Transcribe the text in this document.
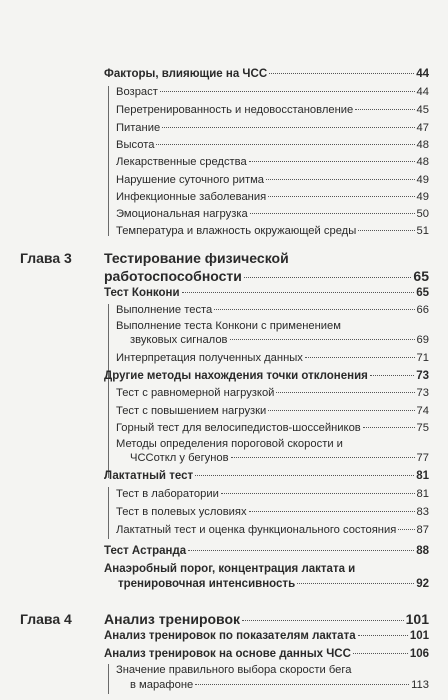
Факторы, влияющие на ЧСС	44
Возраст	44
Перетренированность и недовосстановление	45
Питание	47
Высота	48
Лекарственные средства	48
Нарушение суточного ритма	49
Инфекционные заболевания	49
Эмоциональная нагрузка	50
Температура и влажность окружающей среды	51
Глава 3 Тестирование физической
работоспособности	65
Тест Конкони	65
Выполнение теста	66
Выполнение теста Конкони с применением
звуковых сигналов	69
Интерпретация полученных данных	71
Другие методы нахождения точки отклонения	73
Тест с равномерной нагрузкой	73
Тест с повышением нагрузки	74
Горный тест для велосипедистов-шоссейников	75
Методы определения пороговой скорости и
ЧССоткл у бегунов	77
Лактатный тест	81
Тест в лаборатории	81
Тест в полевых условиях	83
Лактатный тест и оценка функционального состояния 87
Тест Астранда	88
Анаэробный порог, концентрация лактата и
тренировочная интенсивность	92
Глава 4 Анализ тренировок	101
Анализ тренировок по показателям лактата	101
Анализ тренировок на основе данных ЧСС	106
Значение правильного выбора скорости бега
в марафоне	113
